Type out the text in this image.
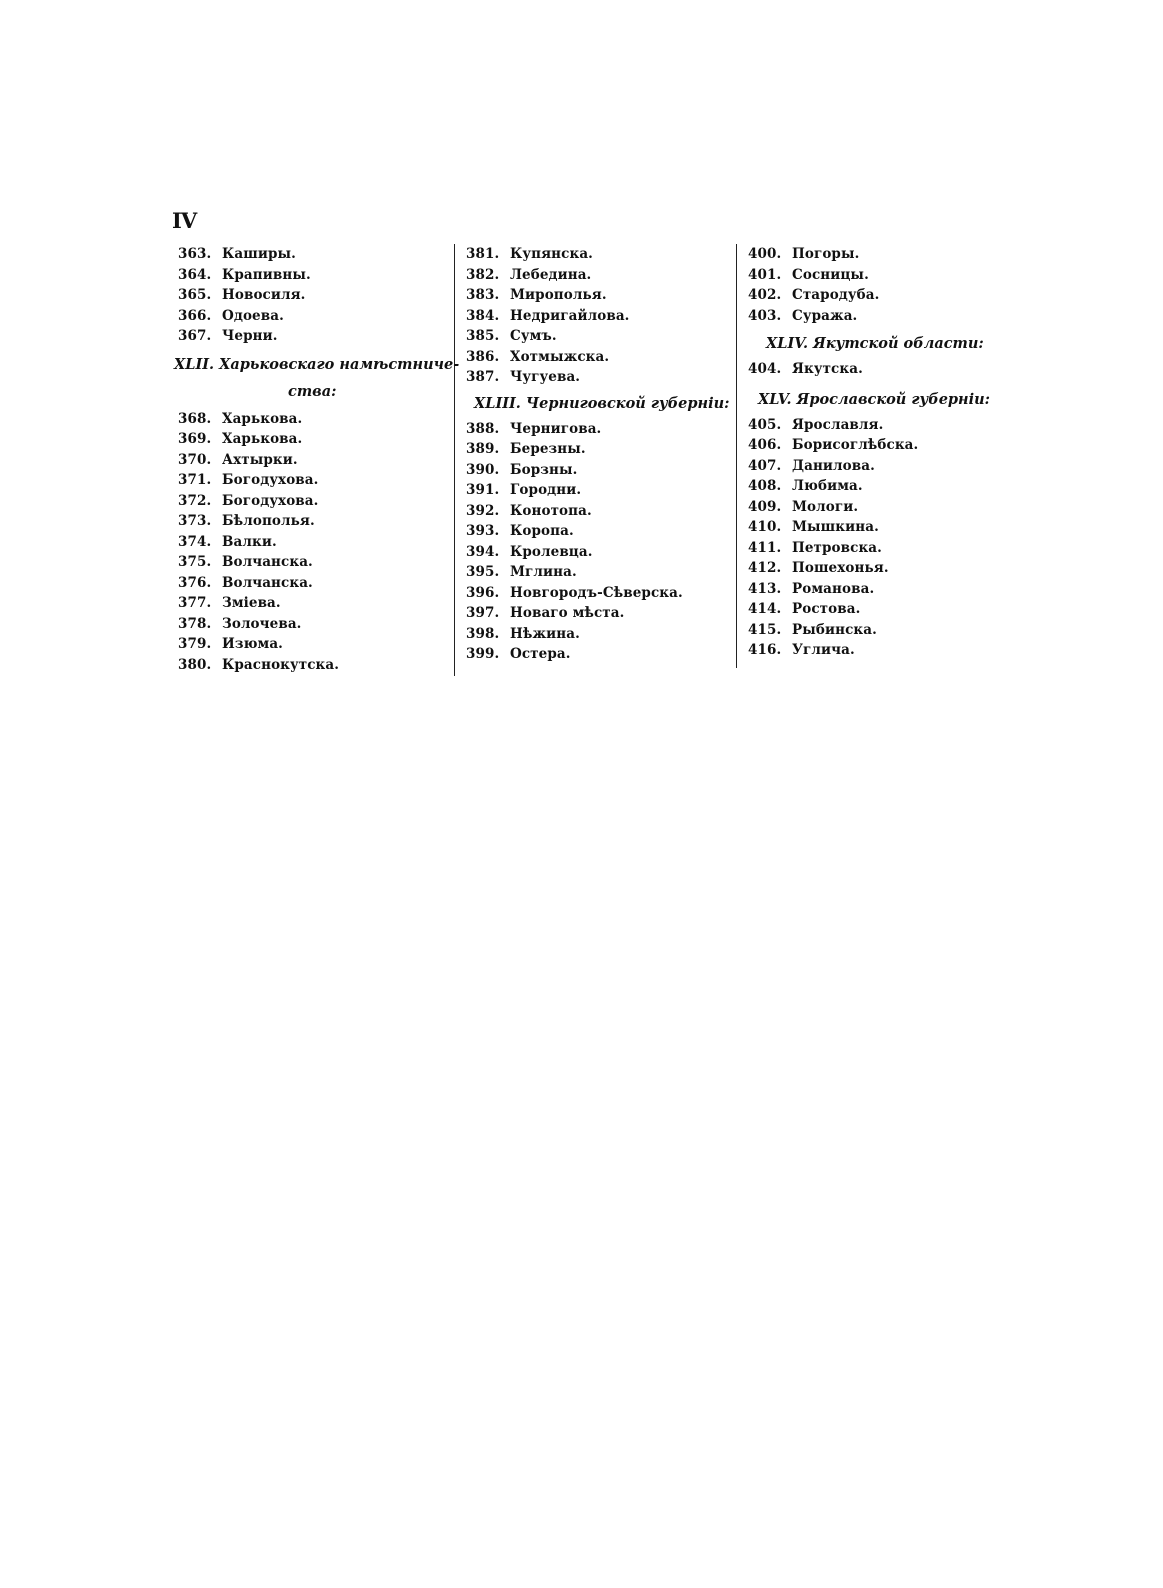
IV
363. Каширы.
364. Крапивны.
365. Новосиля.
366. Одоева.
367. Черни.
XLII. Харьковскаго намѣстниче-
ства:
368. Харькова.
369. Харькова.
370. Ахтырки.
371. Богодухова.
372. Богодухова.
373. Бѣлополья.
374. Валки.
375. Волчанска.
376. Волчанска.
377. Зміева.
378. Золочева.
379. Изюма.
380. Краснокутска.
381. Купянска.
382. Лебедина.
383. Мирополья.
384. Недригайлова.
385. Сумъ.
386. Хотмыжска.
387. Чугуева.
XLIII. Черниговской губерніи:
388. Чернигова.
389. Березны.
390. Борзны.
391. Городни.
392. Конотопа.
393. Коропа.
394. Кролевца.
395. Мглина.
396. Новгородъ-Сѣверска.
397. Новаго мѣста.
398. Нѣжина.
399. Остера.
400. Погоры.
401. Сосницы.
402. Стародуба.
403. Суража.
XLIV. Якутской области:
404. Якутска.
XLV. Ярославской губерніи:
405. Ярославля.
406. Борисоглѣбска.
407. Данилова.
408. Любима.
409. Мологи.
410. Мышкина.
411. Петровска.
412. Пошехонья.
413. Романова.
414. Ростова.
415. Рыбинска.
416. Углича.
